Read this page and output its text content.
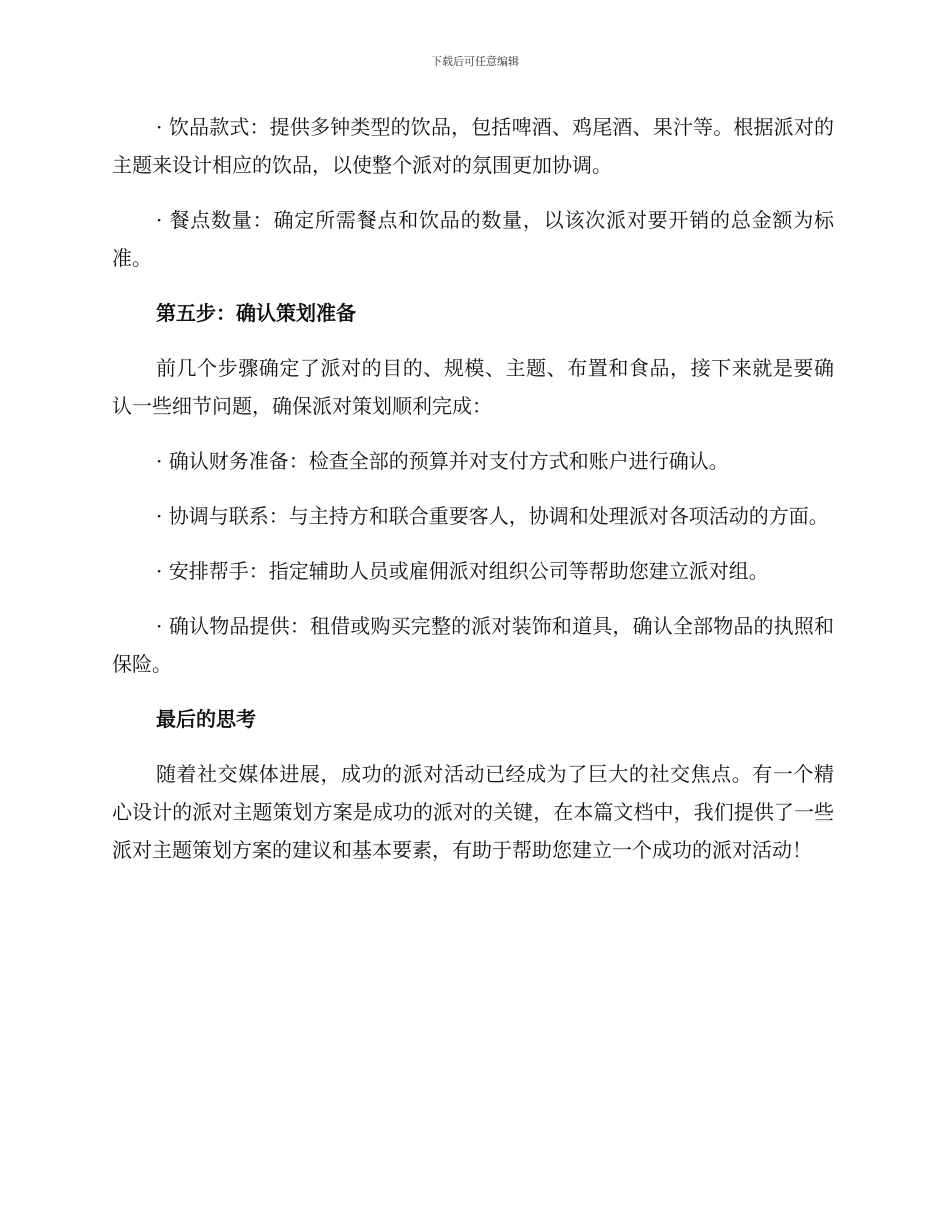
下载后可任意编辑

· 饮品款式：提供多钟类型的饮品，包括啤酒、鸡尾酒、果汁等。根据派对的主题来设计相应的饮品，以使整个派对的氛围更加协调。

· 餐点数量：确定所需餐点和饮品的数量，以该次派对要开销的总金额为标准。

第五步：确认策划准备

前几个步骤确定了派对的目的、规模、主题、布置和食品，接下来就是要确认一些细节问题，确保派对策划顺利完成：

· 确认财务准备：检查全部的预算并对支付方式和账户进行确认。

· 协调与联系：与主持方和联合重要客人，协调和处理派对各项活动的方面。

· 安排帮手：指定辅助人员或雇佣派对组织公司等帮助您建立派对组。

· 确认物品提供：租借或购买完整的派对装饰和道具，确认全部物品的执照和保险。

最后的思考

随着社交媒体进展，成功的派对活动已经成为了巨大的社交焦点。有一个精心设计的派对主题策划方案是成功的派对的关键，在本篇文档中，我们提供了一些派对主题策划方案的建议和基本要素，有助于帮助您建立一个成功的派对活动！
